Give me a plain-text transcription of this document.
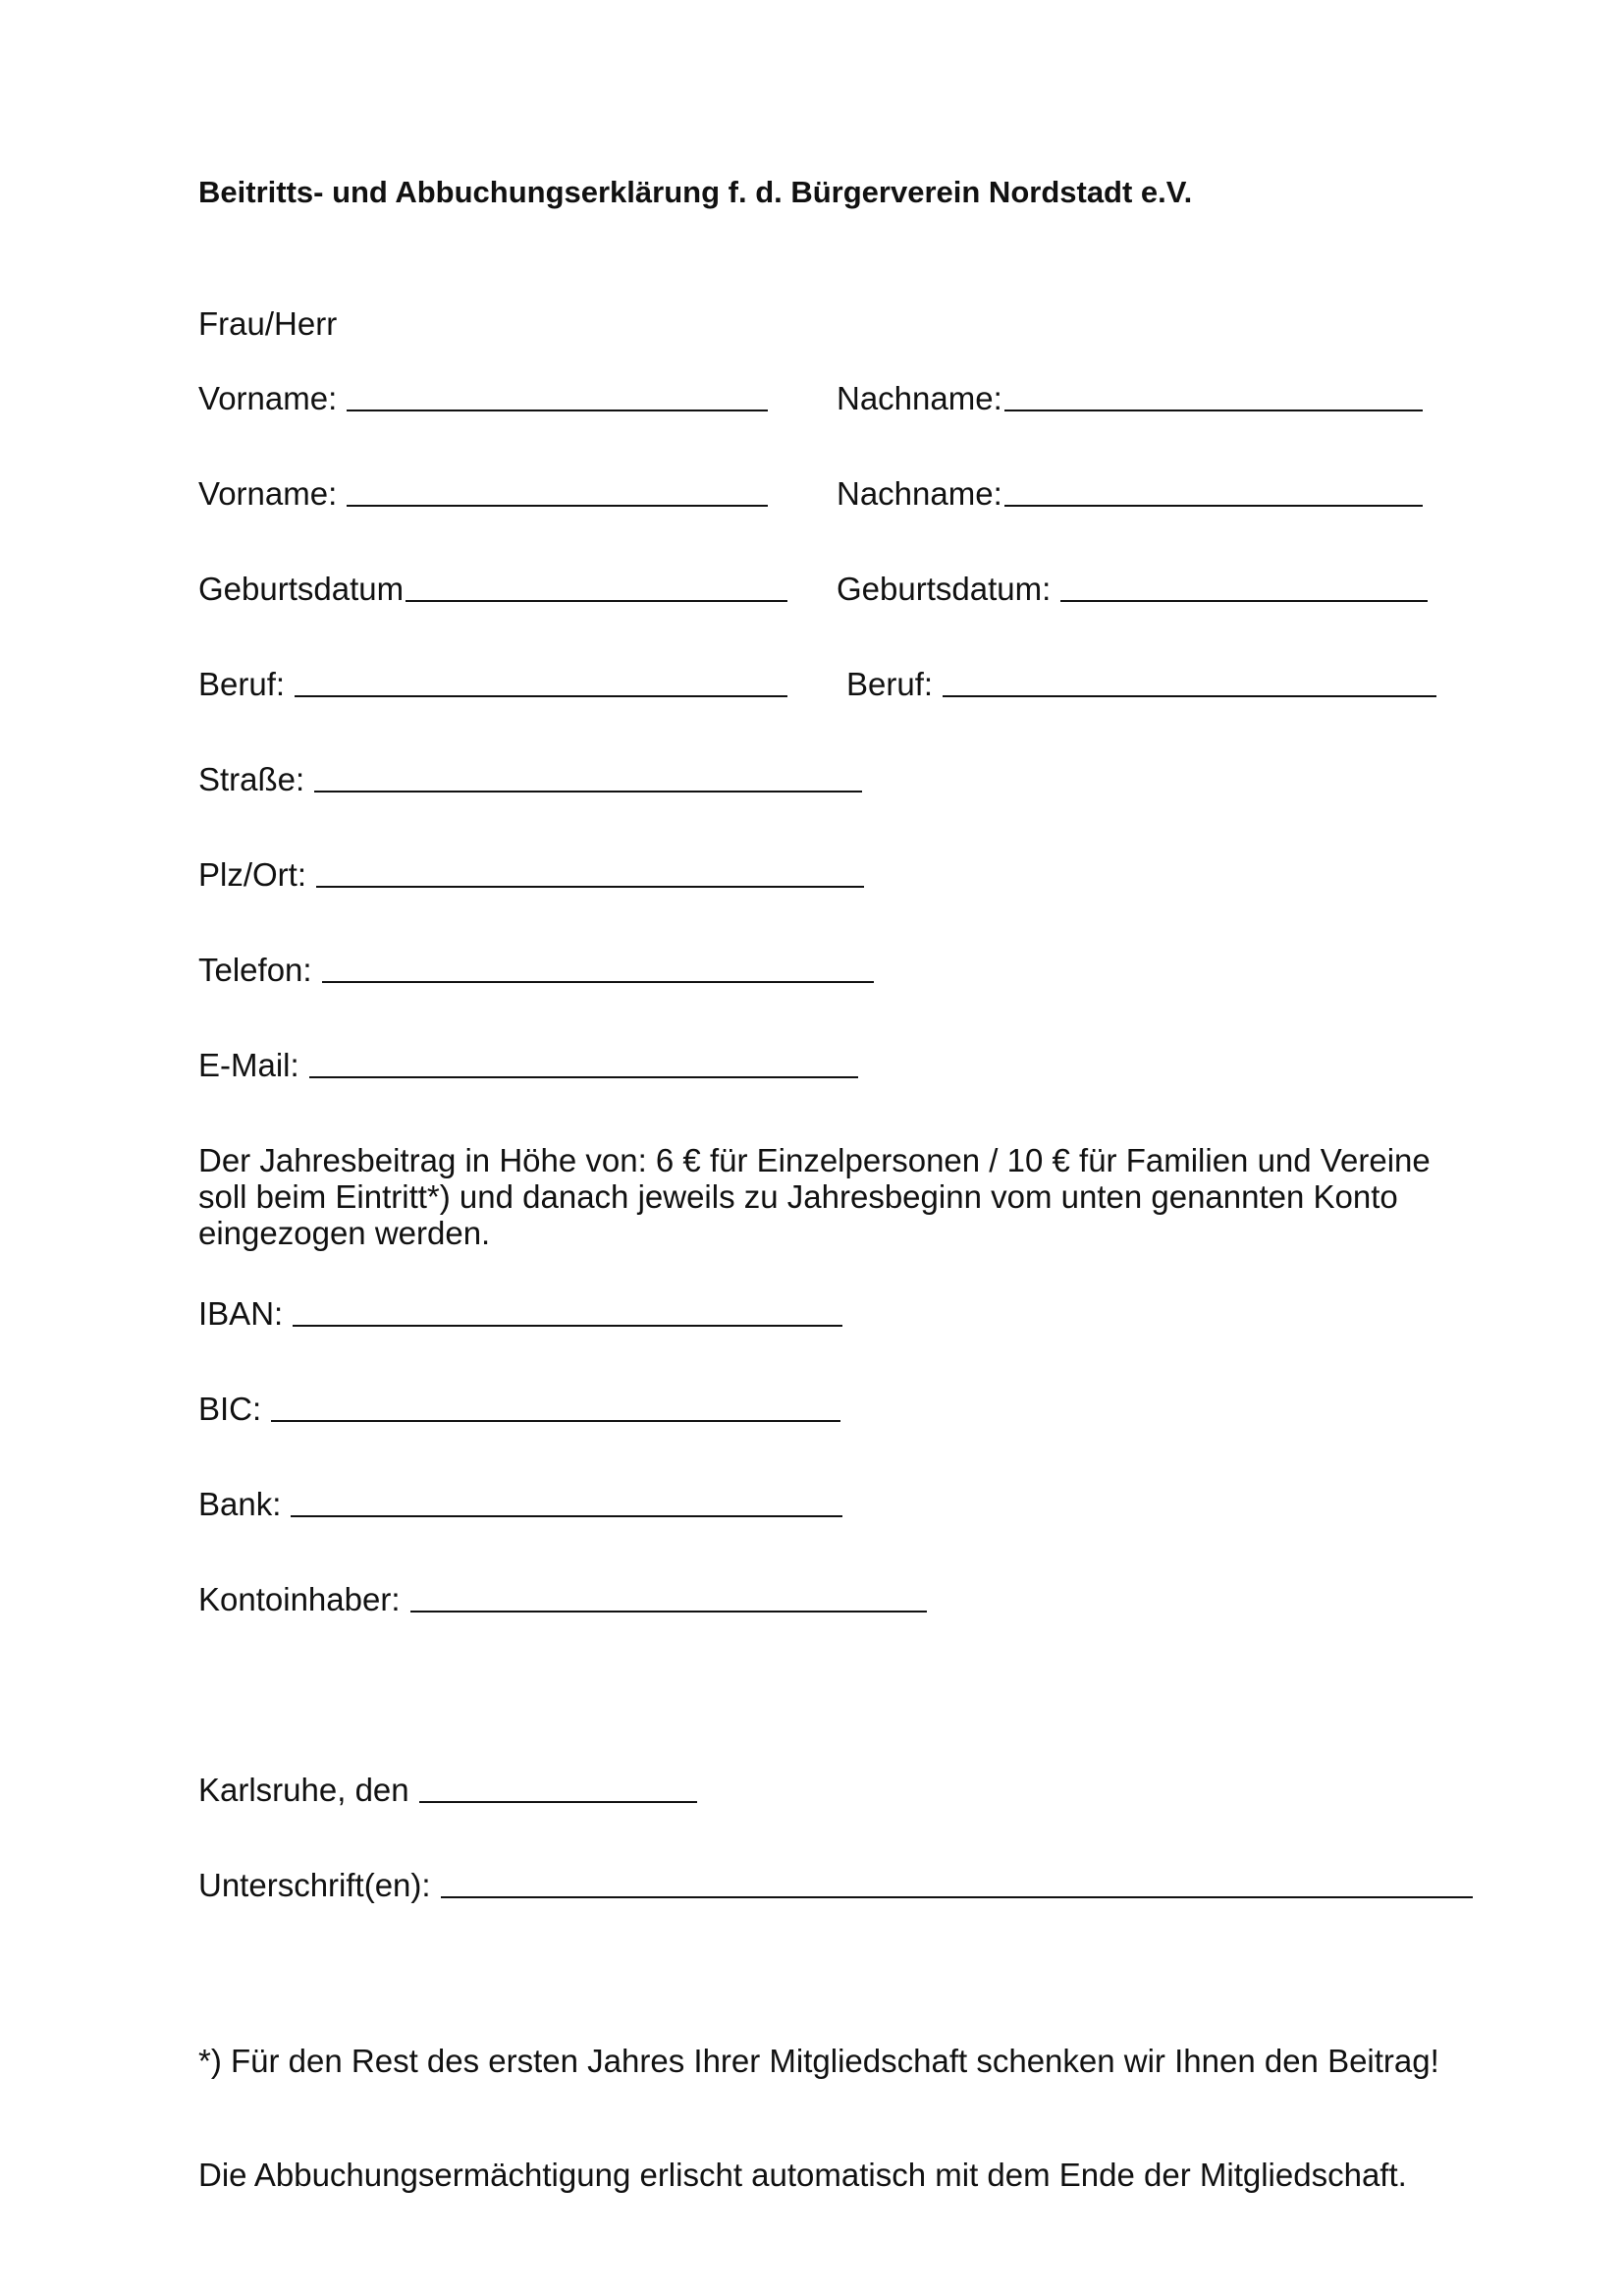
Beitritts- und Abbuchungserklärung f. d. Bürgerverein Nordstadt e.V.
Frau/Herr
Vorname:	Nachname:
Vorname:	Nachname:
Geburtsdatum	Geburtsdatum:
Beruf:	Beruf:
Straße:
Plz/Ort:
Telefon:
E-Mail:
Der Jahresbeitrag in Höhe von: 6 € für Einzelpersonen / 10 € für Familien und Vereine
soll beim Eintritt*) und danach jeweils zu Jahresbeginn vom unten genannten Konto
eingezogen werden.
IBAN:
BIC:
Bank:
Kontoinhaber:
Karlsruhe, den
Unterschrift(en):
*) Für den Rest des ersten Jahres Ihrer Mitgliedschaft schenken wir Ihnen den Beitrag!
Die Abbuchungsermächtigung erlischt automatisch mit dem Ende der Mitgliedschaft.
